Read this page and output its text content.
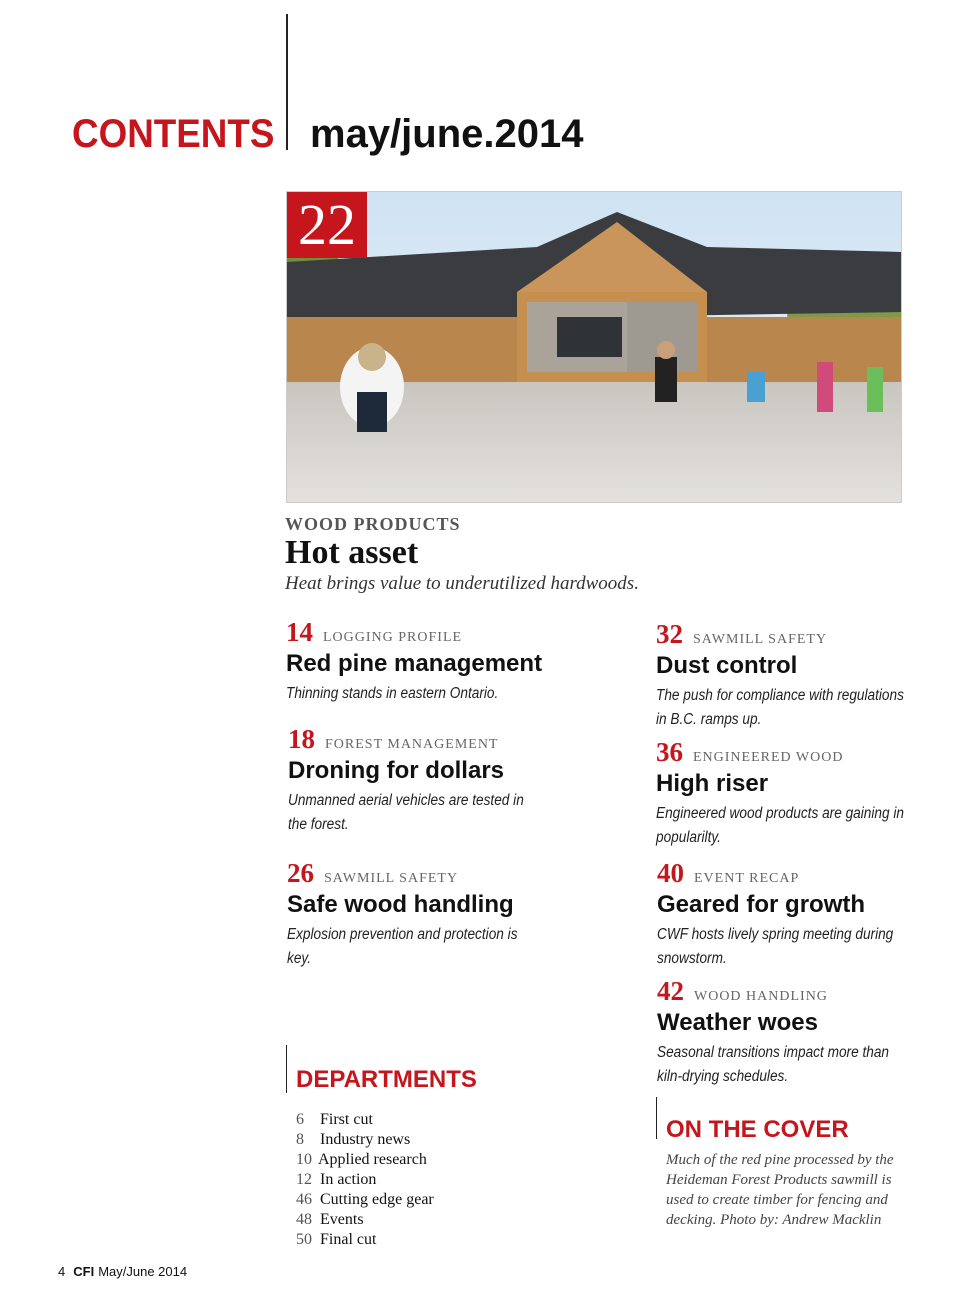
CONTENTS may/june.2014
22
WOOD PRODUCTS
Hot asset
Heat brings value to underutilized hardwoods.
14 LOGGING PROFILE
Red pine management
Thinning stands in eastern Ontario.
18 FOREST MANAGEMENT
Droning for dollars
Unmanned aerial vehicles are tested in the forest.
26 SAWMILL SAFETY
Safe wood handling
Explosion prevention and protection is key.
32 SAWMILL SAFETY
Dust control
The push for compliance with regulations in B.C. ramps up.
36 ENGINEERED WOOD
High riser
Engineered wood products are gaining in popularilty.
40 EVENT RECAP
Geared for growth
CWF hosts lively spring meeting during snowstorm.
42 WOOD HANDLING
Weather woes
Seasonal transitions impact more than kiln-drying schedules.
DEPARTMENTS
6	First cut
8	Industry news
10 Applied research
12 In action
46 Cutting edge gear
48 Events
50 Final cut
ON THE COVER
Much of the red pine processed by the Heideman Forest Products sawmill is used to create timber for fencing and decking. Photo by: Andrew Macklin
4 CFI May/June 2014
